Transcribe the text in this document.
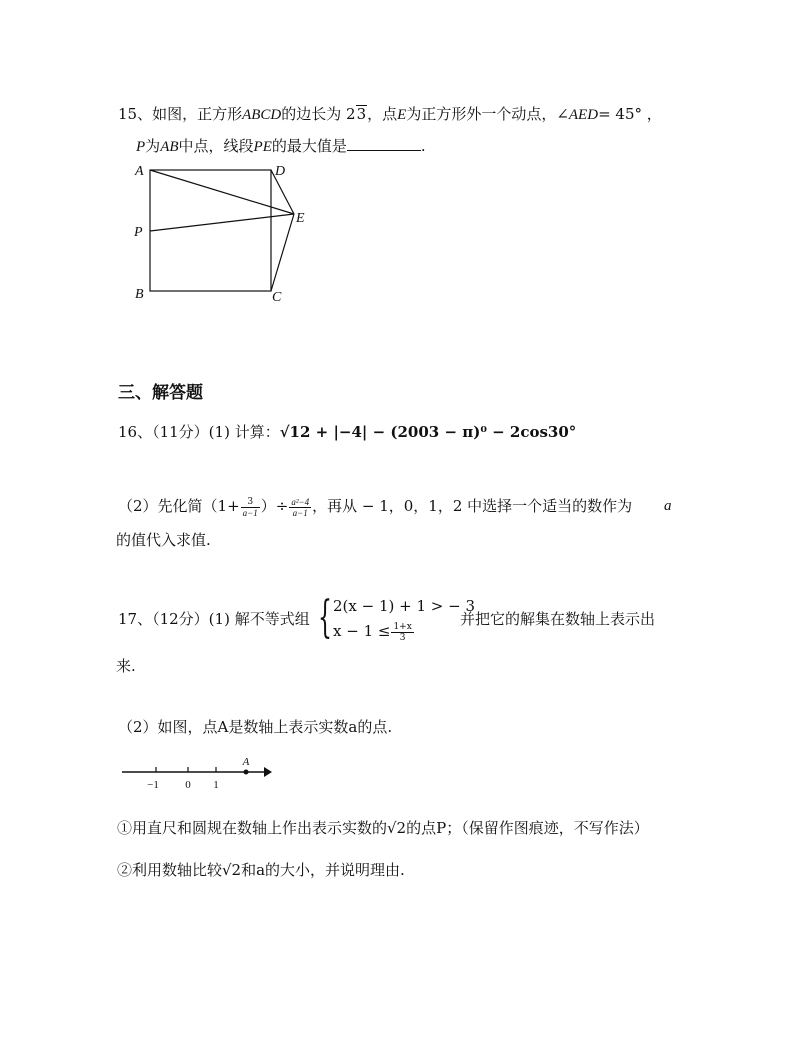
15、如图，正方形ABCD的边长为 23，点E为正方形外一个动点，∠AED= 45° ，
P为AB中点，线段PE的最大值是	.
A	D
E
P
B	C
三、解答题
16、（11分）(1) 计算：√12 + |−4| − (2003 − π)⁰ − 2cos30°
（2）先化简（$1+ \frac{3}{a-1}$ ）÷ $\frac{\text{a²−4}}{a-1}$ ，再从 − 1，0，1，2 中选择一个适当的数作为 a
的值代入求值.
17、（12分）(1) 解不等式组 { 2(x − 1) + 1 > − 3
$x - 1 \le \frac{1+x}{3}$
并把它的解集在数轴上表示出
来.
（2）如图，点A是数轴上表示实数a的点.
−1 0 1
A
①用直尺和圆规在数轴上作出表示实数的√2的点P；（保留作图痕迹，不写作法）
②利用数轴比较√2和a的大小，并说明理由.
